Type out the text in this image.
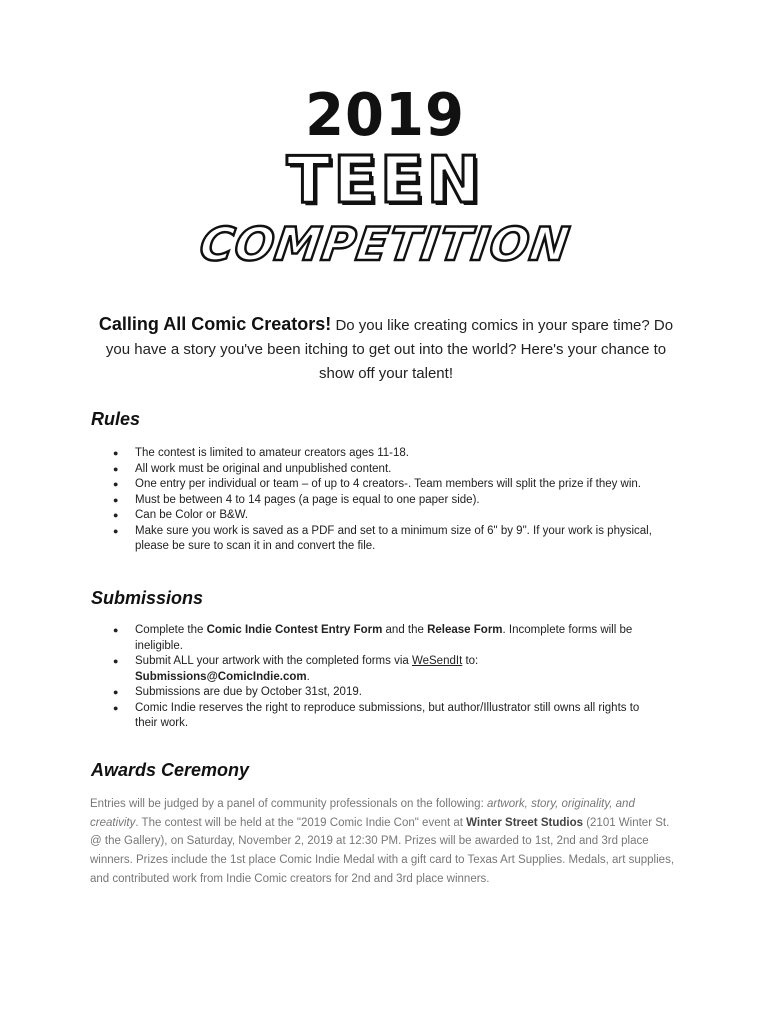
2019
TEEN
COMPETITION
Calling All Comic Creators! Do you like creating comics in your spare time? Do you have a story you've been itching to get out into the world? Here's your chance to show off your talent!
Rules
● The contest is limited to amateur creators ages 11-18.
● All work must be original and unpublished content.
● One entry per individual or team – of up to 4 creators-. Team members will split the prize if they win.
● Must be between 4 to 14 pages (a page is equal to one paper side).
● Can be Color or B&W.
● Make sure you work is saved as a PDF and set to a minimum size of 6" by 9". If your work is physical, please be sure to scan it in and convert the file.
Submissions
● Complete the Comic Indie Contest Entry Form and the Release Form. Incomplete forms will be ineligible.
● Submit ALL your artwork with the completed forms via WeSendIt to: Submissions@ComicIndie.com.
● Submissions are due by October 31st, 2019.
● Comic Indie reserves the right to reproduce submissions, but author/Illustrator still owns all rights to their work.
Awards Ceremony
Entries will be judged by a panel of community professionals on the following: artwork, story, originality, and creativity. The contest will be held at the "2019 Comic Indie Con" event at Winter Street Studios (2101 Winter St. @ the Gallery), on Saturday, November 2, 2019 at 12:30 PM. Prizes will be awarded to 1st, 2nd and 3rd place winners. Prizes include the 1st place Comic Indie Medal with a gift card to Texas Art Supplies. Medals, art supplies, and contributed work from Indie Comic creators for 2nd and 3rd place winners.
